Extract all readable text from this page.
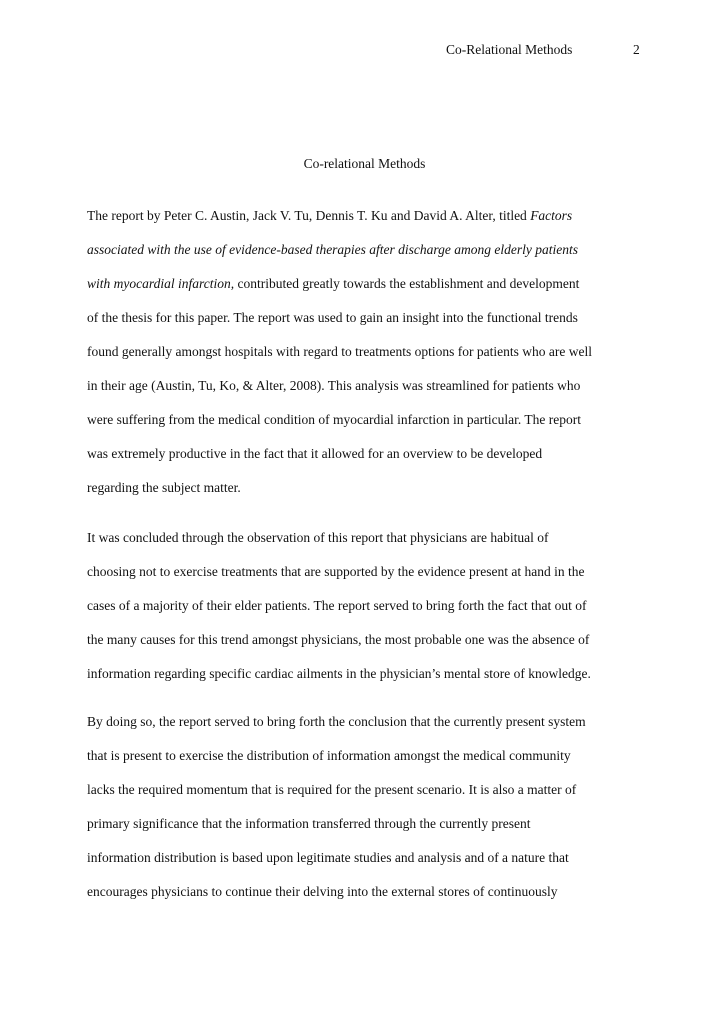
Co-Relational Methods	2
Co-relational Methods
The report by Peter C. Austin, Jack V. Tu, Dennis T. Ku and David A. Alter, titled Factors
associated with the use of evidence-based therapies after discharge among elderly patients
with myocardial infarction, contributed greatly towards the establishment and development
of the thesis for this paper. The report was used to gain an insight into the functional trends
found generally amongst hospitals with regard to treatments options for patients who are well
in their age (Austin, Tu, Ko, & Alter, 2008). This analysis was streamlined for patients who
were suffering from the medical condition of myocardial infarction in particular. The report
was extremely productive in the fact that it allowed for an overview to be developed
regarding the subject matter.
It was concluded through the observation of this report that physicians are habitual of
choosing not to exercise treatments that are supported by the evidence present at hand in the
cases of a majority of their elder patients. The report served to bring forth the fact that out of
the many causes for this trend amongst physicians, the most probable one was the absence of
information regarding specific cardiac ailments in the physician’s mental store of knowledge.
By doing so, the report served to bring forth the conclusion that the currently present system
that is present to exercise the distribution of information amongst the medical community
lacks the required momentum that is required for the present scenario. It is also a matter of
primary significance that the information transferred through the currently present
information distribution is based upon legitimate studies and analysis and of a nature that
encourages physicians to continue their delving into the external stores of continuously
